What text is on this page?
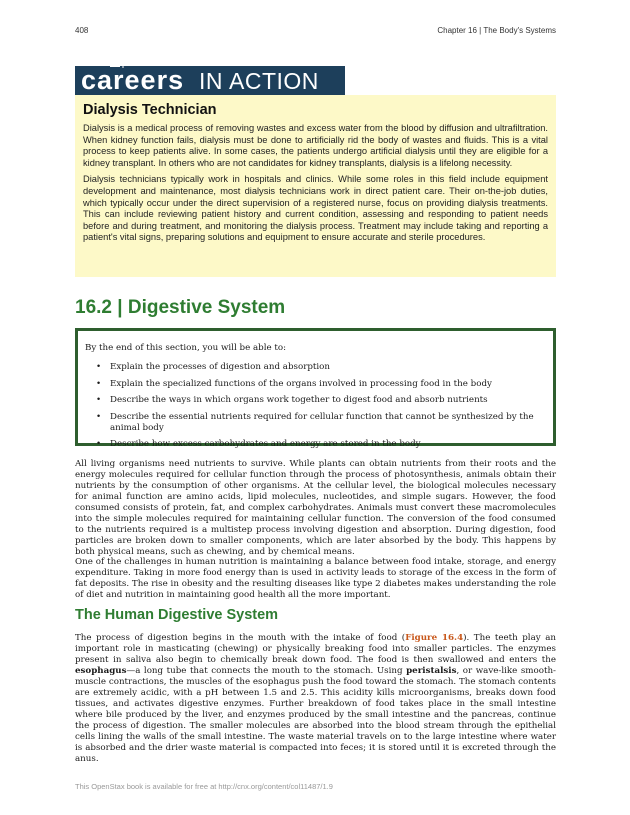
408	Chapter 16 | The Body's Systems
careers IN ACTION
Dialysis Technician

Dialysis is a medical process of removing wastes and excess water from the blood by diffusion and ultrafiltration. When kidney function fails, dialysis must be done to artificially rid the body of wastes and fluids. This is a vital process to keep patients alive. In some cases, the patients undergo artificial dialysis until they are eligible for a kidney transplant. In others who are not candidates for kidney transplants, dialysis is a lifelong necessity.

Dialysis technicians typically work in hospitals and clinics. While some roles in this field include equipment development and maintenance, most dialysis technicians work in direct patient care. Their on-the-job duties, which typically occur under the direct supervision of a registered nurse, focus on providing dialysis treatments. This can include reviewing patient history and current condition, assessing and responding to patient needs before and during treatment, and monitoring the dialysis process. Treatment may include taking and reporting a patient's vital signs, preparing solutions and equipment to ensure accurate and sterile procedures.

16.2 | Digestive System

By the end of this section, you will be able to:

• Explain the processes of digestion and absorption
• Explain the specialized functions of the organs involved in processing food in the body
• Describe the ways in which organs work together to digest food and absorb nutrients
• Describe the essential nutrients required for cellular function that cannot be synthesized by the animal body
• Describe how excess carbohydrates and energy are stored in the body

All living organisms need nutrients to survive. While plants can obtain nutrients from their roots and the energy molecules required for cellular function through the process of photosynthesis, animals obtain their nutrients by the consumption of other organisms. At the cellular level, the biological molecules necessary for animal function are amino acids, lipid molecules, nucleotides, and simple sugars. However, the food consumed consists of protein, fat, and complex carbohydrates. Animals must convert these macromolecules into the simple molecules required for maintaining cellular function. The conversion of the food consumed to the nutrients required is a multistep process involving digestion and absorption. During digestion, food particles are broken down to smaller components, which are later absorbed by the body. This happens by both physical means, such as chewing, and by chemical means.

One of the challenges in human nutrition is maintaining a balance between food intake, storage, and energy expenditure. Taking in more food energy than is used in activity leads to storage of the excess in the form of fat deposits. The rise in obesity and the resulting diseases like type 2 diabetes makes understanding the role of diet and nutrition in maintaining good health all the more important.

The Human Digestive System

The process of digestion begins in the mouth with the intake of food (Figure 16.4). The teeth play an important role in masticating (chewing) or physically breaking food into smaller particles. The enzymes present in saliva also begin to chemically break down food. The food is then swallowed and enters the esophagus—a long tube that connects the mouth to the stomach. Using peristalsis, or wave-like smooth-muscle contractions, the muscles of the esophagus push the food toward the stomach. The stomach contents are extremely acidic, with a pH between 1.5 and 2.5. This acidity kills microorganisms, breaks down food tissues, and activates digestive enzymes. Further breakdown of food takes place in the small intestine where bile produced by the liver, and enzymes produced by the small intestine and the pancreas, continue the process of digestion. The smaller molecules are absorbed into the blood stream through the epithelial cells lining the walls of the small intestine. The waste material travels on to the large intestine where water is absorbed and the drier waste material is compacted into feces; it is stored until it is excreted through the anus.

This OpenStax book is available for free at http://cnx.org/content/col11487/1.9
